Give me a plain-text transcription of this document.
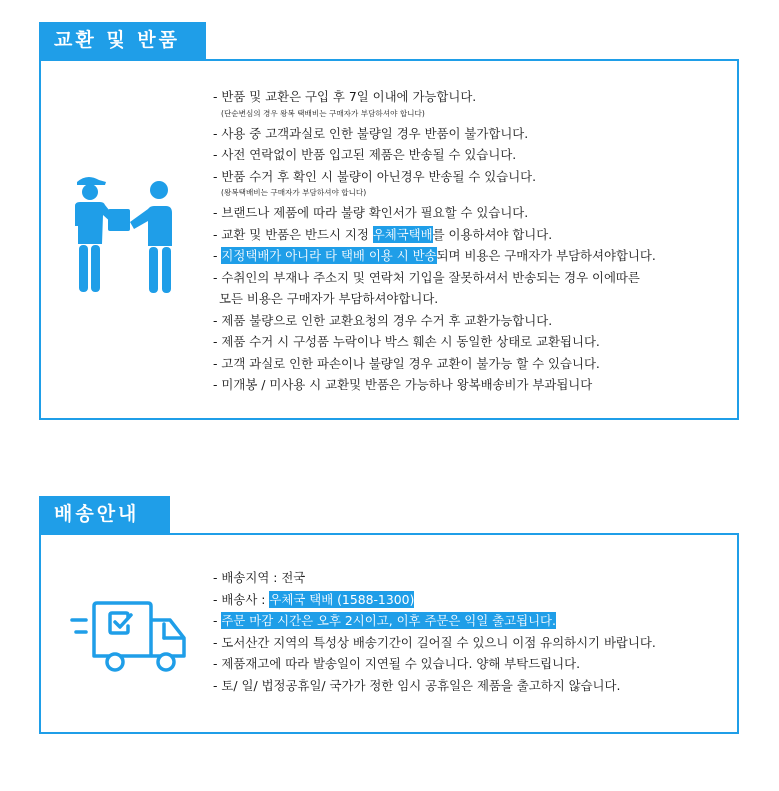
교환 및 반품
- 반품 및 교환은 구입 후 7일 이내에 가능합니다.
(단순변심의 경우 왕복 택배비는 구매자가 부담하셔야 합니다)
- 사용 중 고객과실로 인한 불량일 경우 반품이 불가합니다.
- 사전 연락없이 반품 입고된 제품은 반송될 수 있습니다.
- 반품 수거 후 확인 시 불량이 아닌경우 반송될 수 있습니다.
(왕복택배비는 구매자가 부담하셔야 합니다)
- 브랜드나 제품에 따라 불량 확인서가 필요할 수 있습니다.
- 교환 및 반품은 반드시 지정 우체국택배를 이용하셔야 합니다.
- 지정택배가 아니라 타 택배 이용 시 반송되며 비용은 구매자가 부담하셔야합니다.
- 수취인의 부재나 주소지 및 연락처 기입을 잘못하셔서 반송되는 경우 이에따른
모든 비용은 구매자가 부담하셔야합니다.
- 제품 불량으로 인한 교환요청의 경우 수거 후 교환가능합니다.
- 제품 수거 시 구성품 누락이나 박스 훼손 시 동일한 상태로 교환됩니다.
- 고객 과실로 인한 파손이나 불량일 경우 교환이 불가능 할 수 있습니다.
- 미개봉 / 미사용 시 교환및 반품은 가능하나 왕복배송비가 부과됩니다
배송안내
- 배송지역 : 전국
- 배송사 : 우체국 택배 (1588-1300)
- 주문 마감 시간은 오후 2시이고, 이후 주문은 익일 출고됩니다.
- 도서산간 지역의 특성상 배송기간이 길어질 수 있으니 이점 유의하시기 바랍니다.
- 제품재고에 따라 발송일이 지연될 수 있습니다. 양해 부탁드립니다.
- 토/ 일/ 법정공휴일/ 국가가 정한 임시 공휴일은 제품을 출고하지 않습니다.
